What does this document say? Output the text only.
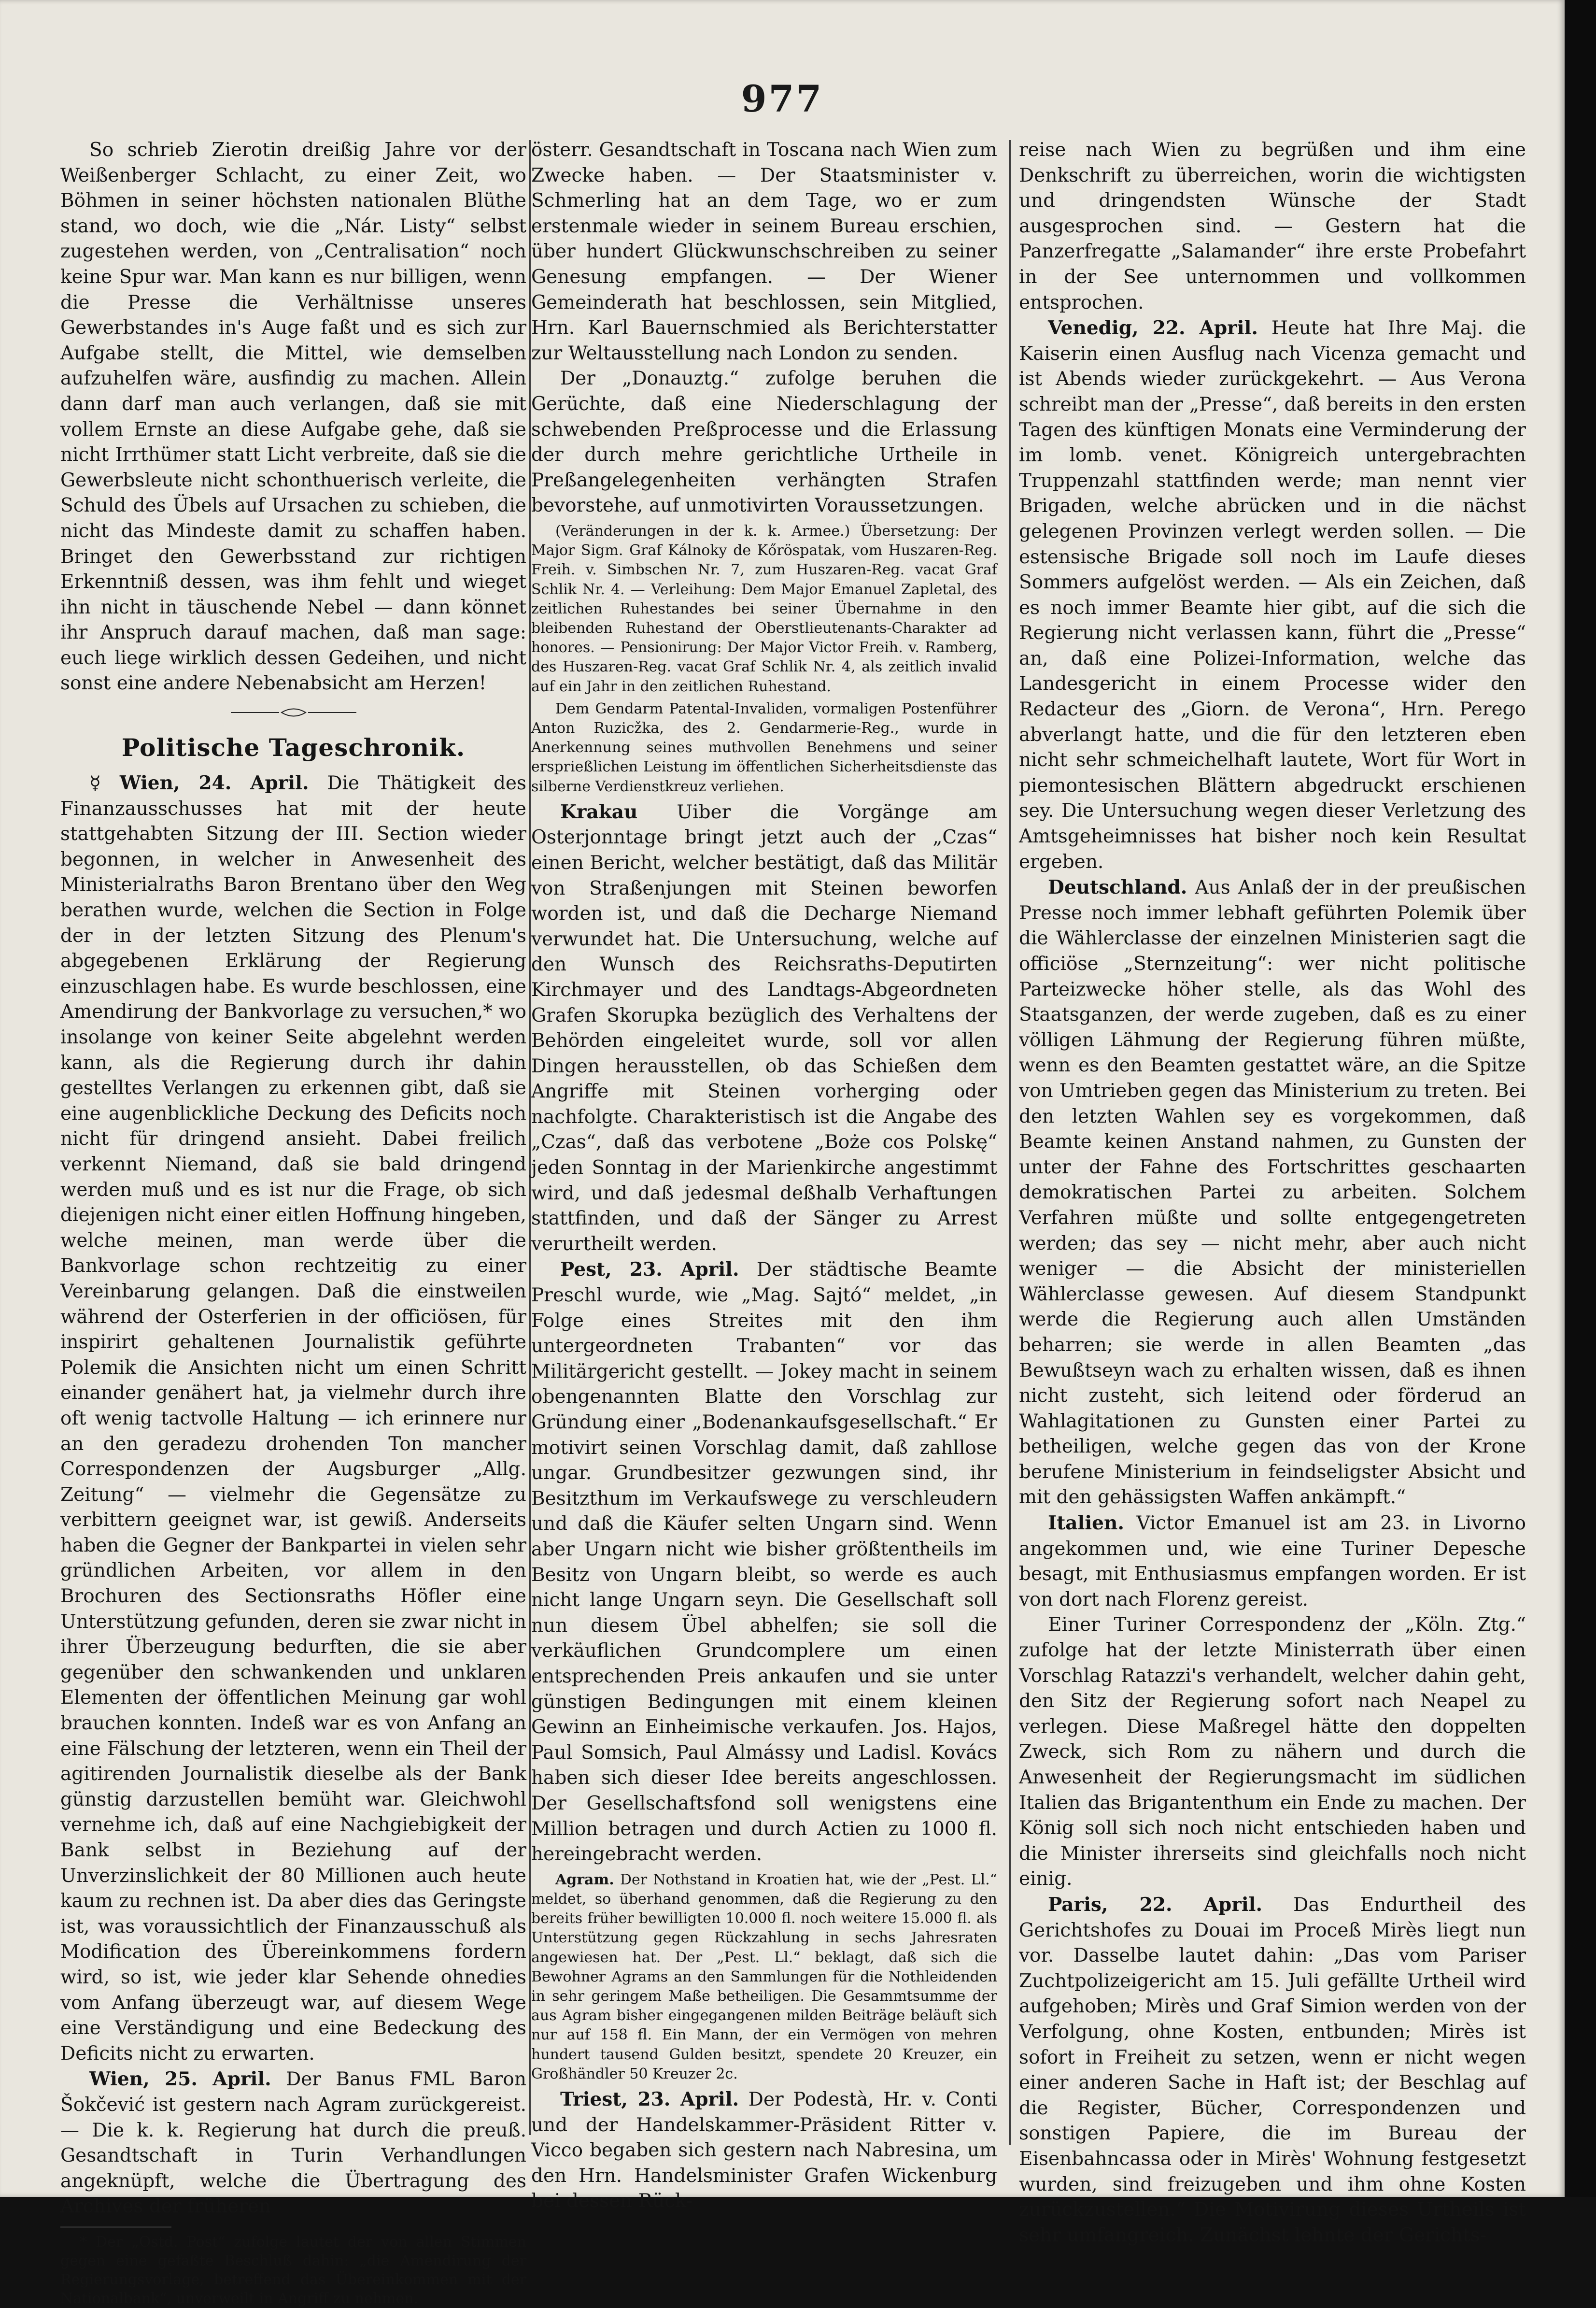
977

So schrieb Zierotin dreißig Jahre vor der Weißenberger Schlacht, zu einer Zeit, wo Böhmen in seiner höchsten nationalen Blüthe stand, wo doch, wie die „Nár. Listy“ selbst zugestehen werden, von „Centralisation“ noch keine Spur war. Man kann es nur billigen, wenn die Presse die Verhältnisse unseres Gewerbstandes in's Auge faßt und es sich zur Aufgabe stellt, die Mittel, wie demselben aufzuhelfen wäre, ausfindig zu machen. Allein dann darf man auch verlangen, daß sie mit vollem Ernste an diese Aufgabe gehe, daß sie nicht Irrthümer statt Licht verbreite, daß sie die Gewerbsleute nicht schonthuerisch verleite, die Schuld des Übels auf Ursachen zu schieben, die nicht das Mindeste damit zu schaffen haben. Bringet den Gewerbsstand zur richtigen Erkenntniß dessen, was ihm fehlt und wieget ihn nicht in täuschende Nebel — dann könnet ihr Anspruch darauf machen, daß man sage: euch liege wirklich dessen Gedeihen, und nicht sonst eine andere Nebenabsicht am Herzen!

Politische Tageschronik.

☿ Wien, 24. April. Die Thätigkeit des Finanzausschusses hat mit der heute stattgehabten Sitzung der III. Section wieder begonnen, in welcher in Anwesenheit des Ministerialraths Baron Brentano über den Weg berathen wurde, welchen die Section in Folge der in der letzten Sitzung des Plenum's abgegebenen Erklärung der Regierung einzuschlagen habe. Es wurde beschlossen, eine Amendirung der Bankvorlage zu versuchen,* wo insolange von keiner Seite abgelehnt werden kann, als die Regierung durch ihr dahin gestelltes Verlangen zu erkennen gibt, daß sie eine augenblickliche Deckung des Deficits noch nicht für dringend ansieht. Dabei freilich verkennt Niemand, daß sie bald dringend werden muß und es ist nur die Frage, ob sich diejenigen nicht einer eitlen Hoffnung hingeben, welche meinen, man werde über die Bankvorlage schon rechtzeitig zu einer Vereinbarung gelangen. Daß die einstweilen während der Osterferien in der officiösen, für inspirirt gehaltenen Journalistik geführte Polemik die Ansichten nicht um einen Schritt einander genähert hat, ja vielmehr durch ihre oft wenig tactvolle Haltung — ich erinnere nur an den geradezu drohenden Ton mancher Correspondenzen der Augsburger „Allg. Zeitung“ — vielmehr die Gegensätze zu verbittern geeignet war, ist gewiß. Anderseits haben die Gegner der Bankpartei in vielen sehr gründlichen Arbeiten, vor allem in den Brochuren des Sectionsraths Höfler eine Unterstützung gefunden, deren sie zwar nicht in ihrer Überzeugung bedurften, die sie aber gegenüber den schwankenden und unklaren Elementen der öffentlichen Meinung gar wohl brauchen konnten. Indeß war es von Anfang an eine Fälschung der letzteren, wenn ein Theil der agitirenden Journalistik dieselbe als der Bank günstig darzustellen bemüht war. Gleichwohl vernehme ich, daß auf eine Nachgiebigkeit der Bank selbst in Beziehung auf der Unverzinslichkeit der 80 Millionen auch heute kaum zu rechnen ist. Da aber dies das Geringste ist, was voraussichtlich der Finanzausschuß als Modification des Übereinkommens fordern wird, so ist, wie jeder klar Sehende ohnedies vom Anfang überzeugt war, auf diesem Wege eine Verständigung und eine Bedeckung des Deficits nicht zu erwarten.

Wien, 25. April. Der Banus FML Baron Šokčević ist gestern nach Agram zurückgereist. — Die k. k. Regierung hat durch die preuß. Gesandtschaft in Turin Verhandlungen angeknüpft, welche die Übertragung des Archives der früheren

* Der „Ostd. Post“ zufolge lautet der von allen Stimmen gegen eine gefaßte Beschluß dahin: „die Amendirung der Regierungsvorlage, betreffend das Übereinkommen mit der Nationalbank“, unverweilt in Angriff zu nehmen.

österr. Gesandtschaft in Toscana nach Wien zum Zwecke haben. — Der Staatsminister v. Schmerling hat an dem Tage, wo er zum erstenmale wieder in seinem Bureau erschien, über hundert Glückwunschschreiben zu seiner Genesung empfangen. — Der Wiener Gemeinderath hat beschlossen, sein Mitglied, Hrn. Karl Bauernschmied als Berichterstatter zur Weltausstellung nach London zu senden.

Der „Donauztg.“ zufolge beruhen die Gerüchte, daß eine Niederschlagung der schwebenden Preßprocesse und die Erlassung der durch mehre gerichtliche Urtheile in Preßangelegenheiten verhängten Strafen bevorstehe, auf unmotivirten Voraussetzungen.

(Veränderungen in der k. k. Armee.) Übersetzung: Der Major Sigm. Graf Kálnoky de Kőröspatak, vom Huszaren-Reg. Freih. v. Simbschen Nr. 7, zum Huszaren-Reg. vacat Graf Schlik Nr. 4. — Verleihung: Dem Major Emanuel Zapletal, des zeitlichen Ruhestandes bei seiner Übernahme in den bleibenden Ruhestand der Oberstlieutenants-Charakter ad honores. — Pensionirung: Der Major Victor Freih. v. Ramberg, des Huszaren-Reg. vacat Graf Schlik Nr. 4, als zeitlich invalid auf ein Jahr in den zeitlichen Ruhestand.

Dem Gendarm Patental-Invaliden, vormaligen Postenführer Anton Ruzicžka, des 2. Gendarmerie-Reg., wurde in Anerkennung seines muthvollen Benehmens und seiner ersprießlichen Leistung im öffentlichen Sicherheitsdienste das silberne Verdienstkreuz verliehen.

Krakau Uiber die Vorgänge am Osterjonntage bringt jetzt auch der „Czas“ einen Bericht, welcher bestätigt, daß das Militär von Straßenjungen mit Steinen beworfen worden ist, und daß die Decharge Niemand verwundet hat. Die Untersuchung, welche auf den Wunsch des Reichsraths-Deputirten Kirchmayer und des Landtags-Abgeordneten Grafen Skorupka bezüglich des Verhaltens der Behörden eingeleitet wurde, soll vor allen Dingen herausstellen, ob das Schießen dem Angriffe mit Steinen vorherging oder nachfolgte. Charakteristisch ist die Angabe des „Czas“, daß das verbotene „Boże cos Polskę“ jeden Sonntag in der Marienkirche angestimmt wird, und daß jedesmal deßhalb Verhaftungen stattfinden, und daß der Sänger zu Arrest verurtheilt werden.

Pest, 23. April. Der städtische Beamte Preschl wurde, wie „Mag. Sajtó“ meldet, „in Folge eines Streites mit den ihm untergeordneten Trabanten“ vor das Militärgericht gestellt. — Jokey macht in seinem obengenannten Blatte den Vorschlag zur Gründung einer „Bodenankaufsgesellschaft.“ Er motivirt seinen Vorschlag damit, daß zahllose ungar. Grundbesitzer gezwungen sind, ihr Besitzthum im Verkaufswege zu verschleudern und daß die Käufer selten Ungarn sind. Wenn aber Ungarn nicht wie bisher größtentheils im Besitz von Ungarn bleibt, so werde es auch nicht lange Ungarn seyn. Die Gesellschaft soll nun diesem Übel abhelfen; sie soll die verkäuflichen Grundcomplere um einen entsprechenden Preis ankaufen und sie unter günstigen Bedingungen mit einem kleinen Gewinn an Einheimische verkaufen. Jos. Hajos, Paul Somsich, Paul Almássy und Ladisl. Kovács haben sich dieser Idee bereits angeschlossen. Der Gesellschaftsfond soll wenigstens eine Million betragen und durch Actien zu 1000 fl. hereingebracht werden.

Agram. Der Nothstand in Kroatien hat, wie der „Pest. Ll.“ meldet, so überhand genommen, daß die Regierung zu den bereits früher bewilligten 10.000 fl. noch weitere 15.000 fl. als Unterstützung gegen Rückzahlung in sechs Jahresraten angewiesen hat. Der „Pest. Ll.“ beklagt, daß sich die Bewohner Agrams an den Sammlungen für die Nothleidenden in sehr geringem Maße betheiligen. Die Gesammtsumme der aus Agram bisher eingegangenen milden Beiträge beläuft sich nur auf 158 fl. Ein Mann, der ein Vermögen von mehren hundert tausend Gulden besitzt, spendete 20 Kreuzer, ein Großhändler 50 Kreuzer 2c.

Triest, 23. April. Der Podestà, Hr. v. Conti und der Handelskammer-Präsident Ritter v. Vicco begaben sich gestern nach Nabresina, um den Hrn. Handelsminister Grafen Wickenburg bei dessen Rück-

reise nach Wien zu begrüßen und ihm eine Denkschrift zu überreichen, worin die wichtigsten und dringendsten Wünsche der Stadt ausgesprochen sind. — Gestern hat die Panzerfregatte „Salamander“ ihre erste Probefahrt in der See unternommen und vollkommen entsprochen.

Venedig, 22. April. Heute hat Ihre Maj. die Kaiserin einen Ausflug nach Vicenza gemacht und ist Abends wieder zurückgekehrt. — Aus Verona schreibt man der „Presse“, daß bereits in den ersten Tagen des künftigen Monats eine Verminderung der im lomb. venet. Königreich untergebrachten Truppenzahl stattfinden werde; man nennt vier Brigaden, welche abrücken und in die nächst gelegenen Provinzen verlegt werden sollen. — Die estensische Brigade soll noch im Laufe dieses Sommers aufgelöst werden. — Als ein Zeichen, daß es noch immer Beamte hier gibt, auf die sich die Regierung nicht verlassen kann, führt die „Presse“ an, daß eine Polizei-Information, welche das Landesgericht in einem Processe wider den Redacteur des „Giorn. de Verona“, Hrn. Perego abverlangt hatte, und die für den letzteren eben nicht sehr schmeichelhaft lautete, Wort für Wort in piemontesischen Blättern abgedruckt erschienen sey. Die Untersuchung wegen dieser Verletzung des Amtsgeheimnisses hat bisher noch kein Resultat ergeben.

Deutschland. Aus Anlaß der in der preußischen Presse noch immer lebhaft geführten Polemik über die Wählerclasse der einzelnen Ministerien sagt die officiöse „Sternzeitung“: wer nicht politische Parteizwecke höher stelle, als das Wohl des Staatsganzen, der werde zugeben, daß es zu einer völligen Lähmung der Regierung führen müßte, wenn es den Beamten gestattet wäre, an die Spitze von Umtrieben gegen das Ministerium zu treten. Bei den letzten Wahlen sey es vorgekommen, daß Beamte keinen Anstand nahmen, zu Gunsten der unter der Fahne des Fortschrittes geschaarten demokratischen Partei zu arbeiten. Solchem Verfahren müßte und sollte entgegengetreten werden; das sey — nicht mehr, aber auch nicht weniger — die Absicht der ministeriellen Wählerclasse gewesen. Auf diesem Standpunkt werde die Regierung auch allen Umständen beharren; sie werde in allen Beamten „das Bewußtseyn wach zu erhalten wissen, daß es ihnen nicht zusteht, sich leitend oder förderud an Wahlagitationen zu Gunsten einer Partei zu betheiligen, welche gegen das von der Krone berufene Ministerium in feindseligster Absicht und mit den gehässigsten Waffen ankämpft.“

Italien. Victor Emanuel ist am 23. in Livorno angekommen und, wie eine Turiner Depesche besagt, mit Enthusiasmus empfangen worden. Er ist von dort nach Florenz gereist.

Einer Turiner Correspondenz der „Köln. Ztg.“ zufolge hat der letzte Ministerrath über einen Vorschlag Ratazzi's verhandelt, welcher dahin geht, den Sitz der Regierung sofort nach Neapel zu verlegen. Diese Maßregel hätte den doppelten Zweck, sich Rom zu nähern und durch die Anwesenheit der Regierungsmacht im südlichen Italien das Brigantenthum ein Ende zu machen. Der König soll sich noch nicht entschieden haben und die Minister ihrerseits sind gleichfalls noch nicht einig.

Paris, 22. April. Das Endurtheil des Gerichtshofes zu Douai im Proceß Mirès liegt nun vor. Dasselbe lautet dahin: „Das vom Pariser Zuchtpolizeigericht am 15. Juli gefällte Urtheil wird aufgehoben; Mirès und Graf Simion werden von der Verfolgung, ohne Kosten, entbunden; Mirès ist sofort in Freiheit zu setzen, wenn er nicht wegen einer anderen Sache in Haft ist; der Beschlag auf die Register, Bücher, Correspondenzen und sonstigen Papiere, die im Bureau der Eisenbahncassa oder in Mirès' Wohnung festgesetzt wurden, sind freizugeben und ihm ohne Kosten zurückzustellen.“ Die Motivirung dieses Urtheils ist sehr umfangreich. Zunächst lehnte der Gerichts-
